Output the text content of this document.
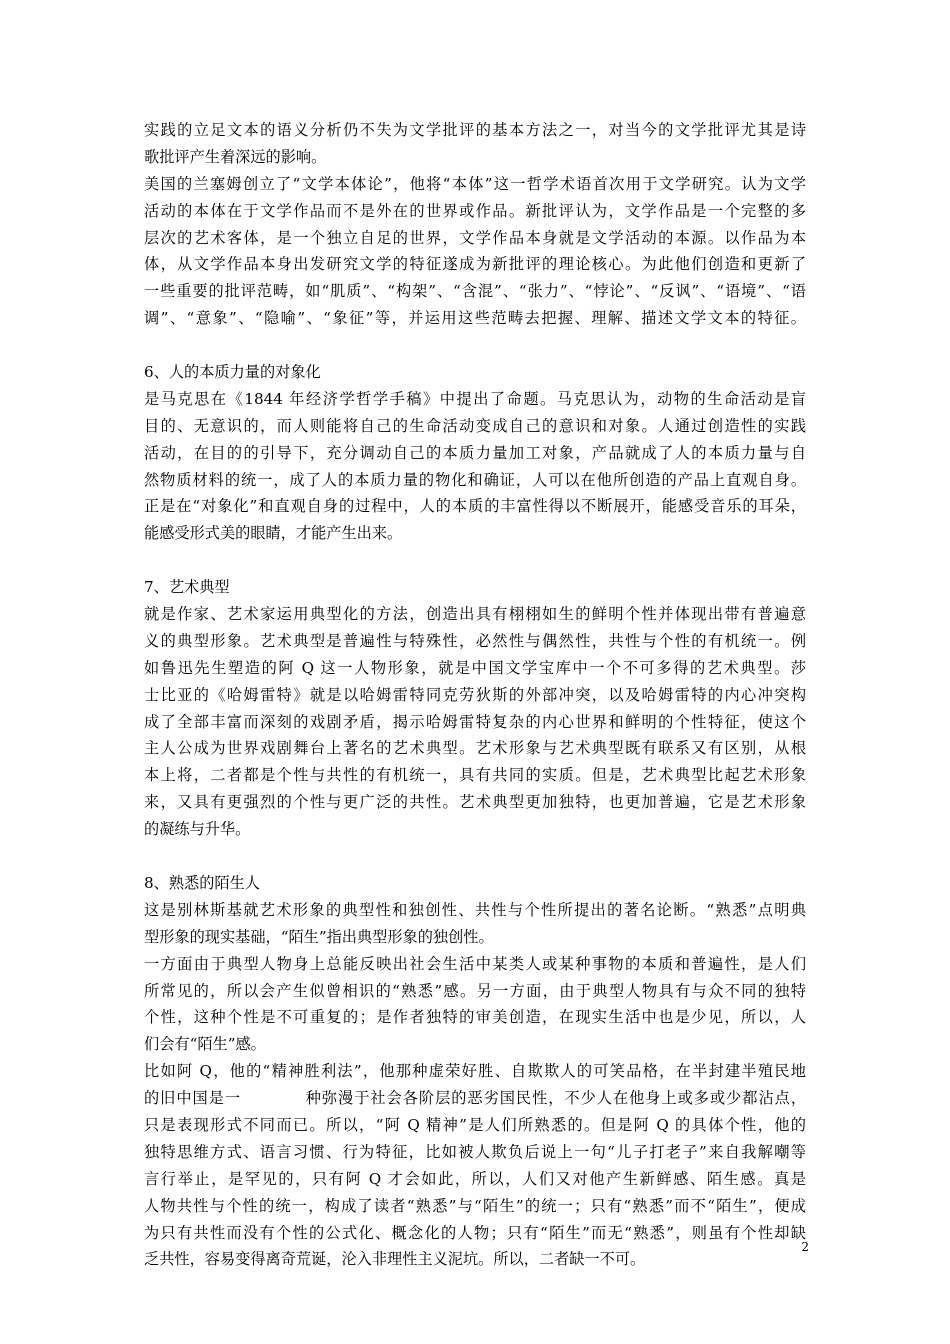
实践的立足文本的语义分析仍不失为文学批评的基本方法之一，对当今的文学批评尤其是诗
歌批评产生着深远的影响。
美国的兰塞姆创立了“文学本体论”，他将“本体”这一哲学术语首次用于文学研究。认为文学
活动的本体在于文学作品而不是外在的世界或作品。新批评认为，文学作品是一个完整的多
层次的艺术客体，是一个独立自足的世界，文学作品本身就是文学活动的本源。以作品为本
体，从文学作品本身出发研究文学的特征遂成为新批评的理论核心。为此他们创造和更新了
一些重要的批评范畴，如“肌质”、“构架”、“含混”、“张力”、“悖论”、“反讽”、“语境”、“语
调”、“意象”、“隐喻”、“象征”等，并运用这些范畴去把握、理解、描述文学文本的特征。
6、人的本质力量的对象化
是马克思在《1844 年经济学哲学手稿》中提出了命题。马克思认为，动物的生命活动是盲
目的、无意识的，而人则能将自己的生命活动变成自己的意识和对象。人通过创造性的实践
活动，在目的的引导下，充分调动自己的本质力量加工对象，产品就成了人的本质力量与自
然物质材料的统一，成了人的本质力量的物化和确证，人可以在他所创造的产品上直观自身。
正是在“对象化”和直观自身的过程中，人的本质的丰富性得以不断展开，能感受音乐的耳朵，
能感受形式美的眼睛，才能产生出来。
7、艺术典型
就是作家、艺术家运用典型化的方法，创造出具有栩栩如生的鲜明个性并体现出带有普遍意
义的典型形象。艺术典型是普遍性与特殊性，必然性与偶然性，共性与个性的有机统一。例
如鲁迅先生塑造的阿 Q 这一人物形象，就是中国文学宝库中一个不可多得的艺术典型。莎
士比亚的《哈姆雷特》就是以哈姆雷特同克劳狄斯的外部冲突，以及哈姆雷特的内心冲突构
成了全部丰富而深刻的戏剧矛盾，揭示哈姆雷特复杂的内心世界和鲜明的个性特征，使这个
主人公成为世界戏剧舞台上著名的艺术典型。艺术形象与艺术典型既有联系又有区别，从根
本上将，二者都是个性与共性的有机统一，具有共同的实质。但是，艺术典型比起艺术形象
来，又具有更强烈的个性与更广泛的共性。艺术典型更加独特，也更加普遍，它是艺术形象
的凝练与升华。
8、熟悉的陌生人
这是别林斯基就艺术形象的典型性和独创性、共性与个性所提出的著名论断。“熟悉”点明典
型形象的现实基础，“陌生”指出典型形象的独创性。
一方面由于典型人物身上总能反映出社会生活中某类人或某种事物的本质和普遍性，是人们
所常见的，所以会产生似曾相识的“熟悉”感。另一方面，由于典型人物具有与众不同的独特
个性，这种个性是不可重复的；是作者独特的审美创造，在现实生活中也是少见，所以，人
们会有“陌生”感。
比如阿 Q，他的“精神胜利法”，他那种虚荣好胜、自欺欺人的可笑品格，在半封建半殖民地
的旧中国是一　　　　种弥漫于社会各阶层的恶劣国民性，不少人在他身上或多或少都沾点，
只是表现形式不同而已。所以，“阿 Q 精神”是人们所熟悉的。但是阿 Q 的具体个性，他的
独特思维方式、语言习惯、行为特征，比如被人欺负后说上一句“儿子打老子”来自我解嘲等
言行举止，是罕见的，只有阿 Q 才会如此，所以，人们又对他产生新鲜感、陌生感。真是
人物共性与个性的统一，构成了读者“熟悉”与“陌生”的统一；只有“熟悉”而不“陌生”，便成
为只有共性而没有个性的公式化、概念化的人物；只有“陌生”而无“熟悉”，则虽有个性却缺
乏共性，容易变得离奇荒诞，沦入非理性主义泥坑。所以，二者缺一不可。
2
